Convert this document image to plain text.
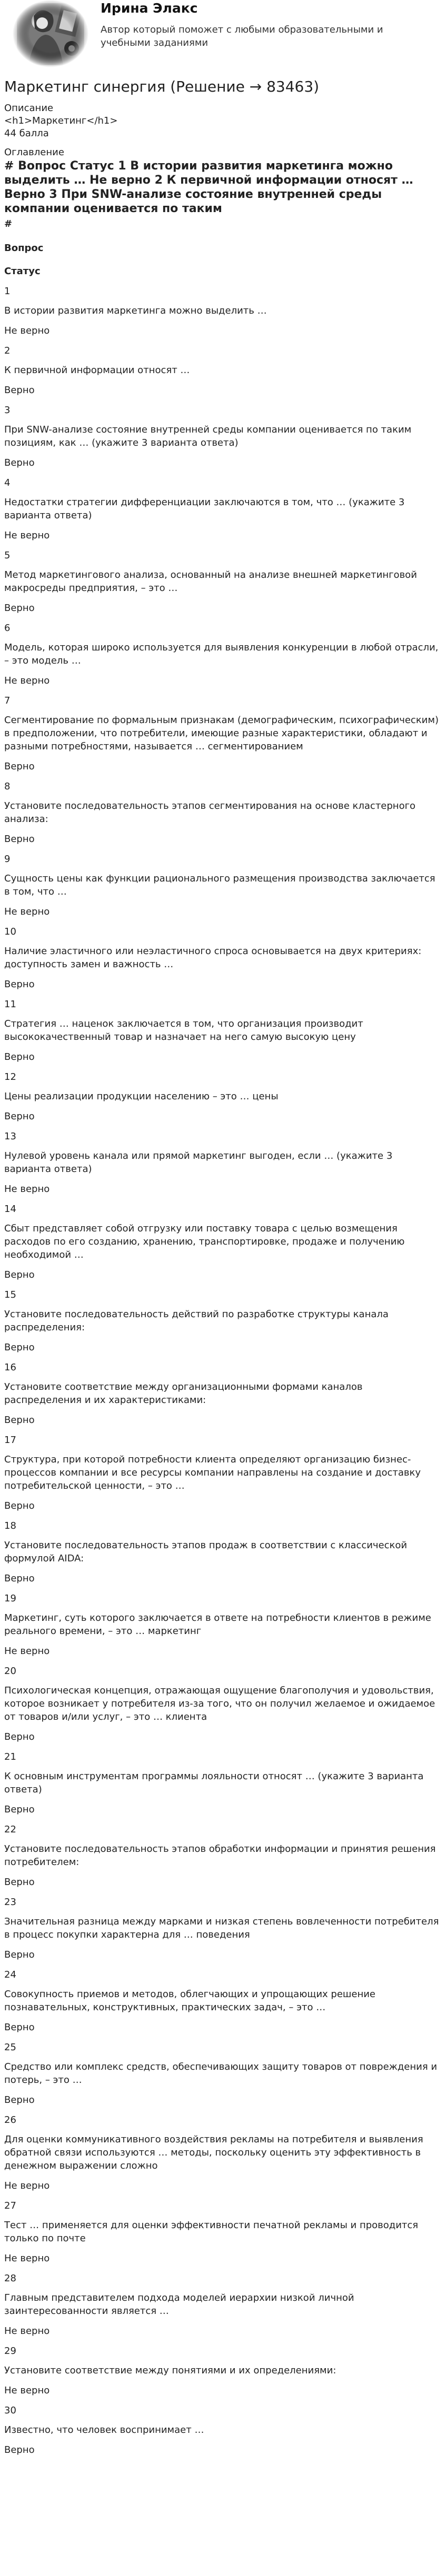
Ирина Элакс
Автор который поможет с любыми образовательными и учебными заданиями
Маркетинг синергия (Решение → 83463)
Описание
<h1>Маркетинг</h1>
44 балла
Оглавление
# Вопрос Статус 1 В истории развития маркетинга можно выделить … Не верно 2 К первичной информации относят … Верно 3 При SNW-анализе состояние внутренней среды компании оценивается по таким
#
Вопрос
Статус
1
В истории развития маркетинга можно выделить …
Не верно
2
К первичной информации относят …
Верно
3
При SNW-анализе состояние внутренней среды компании оценивается по таким позициям, как … (укажите 3 варианта ответа)
Верно
4
Недостатки стратегии дифференциации заключаются в том, что … (укажите 3 варианта ответа)
Не верно
5
Метод маркетингового анализа, основанный на анализе внешней маркетинговой макросреды предприятия, – это …
Верно
6
Модель, которая широко используется для выявления конкуренции в любой отрасли, – это модель …
Не верно
7
Сегментирование по формальным признакам (демографическим, психографическим) в предположении, что потребители, имеющие разные характеристики, обладают и разными потребностями, называется … сегментированием
Верно
8
Установите последовательность этапов сегментирования на основе кластерного анализа:
Верно
9
Сущность цены как функции рационального размещения производства заключается в том, что …
Не верно
10
Наличие эластичного или неэластичного спроса основывается на двух критериях: доступность замен и важность …
Верно
11
Стратегия … наценок заключается в том, что организация производит высококачественный товар и назначает на него самую высокую цену
Верно
12
Цены реализации продукции населению – это … цены
Верно
13
Нулевой уровень канала или прямой маркетинг выгоден, если … (укажите 3 варианта ответа)
Не верно
14
Сбыт представляет собой отгрузку или поставку товара с целью возмещения расходов по его созданию, хранению, транспортировке, продаже и получению необходимой …
Верно
15
Установите последовательность действий по разработке структуры канала распределения:
Верно
16
Установите соответствие между организационными формами каналов распределения и их характеристиками:
Верно
17
Структура, при которой потребности клиента определяют организацию бизнес-процессов компании и все ресурсы компании направлены на создание и доставку потребительской ценности, – это …
Верно
18
Установите последовательность этапов продаж в соответствии с классической формулой AIDA:
Верно
19
Маркетинг, суть которого заключается в ответе на потребности клиентов в режиме реального времени, – это … маркетинг
Не верно
20
Психологическая концепция, отражающая ощущение благополучия и удовольствия, которое возникает у потребителя из-за того, что он получил желаемое и ожидаемое от товаров и/или услуг, – это … клиента
Верно
21
К основным инструментам программы лояльности относят … (укажите 3 варианта ответа)
Верно
22
Установите последовательность этапов обработки информации и принятия решения потребителем:
Верно
23
Значительная разница между марками и низкая степень вовлеченности потребителя в процесс покупки характерна для … поведения
Верно
24
Совокупность приемов и методов, облегчающих и упрощающих решение познавательных, конструктивных, практических задач, – это …
Верно
25
Средство или комплекс средств, обеспечивающих защиту товаров от повреждения и потерь, – это …
Верно
26
Для оценки коммуникативного воздействия рекламы на потребителя и выявления обратной связи используются … методы, поскольку оценить эту эффективность в денежном выражении сложно
Не верно
27
Тест … применяется для оценки эффективности печатной рекламы и проводится только по почте
Не верно
28
Главным представителем подхода моделей иерархии низкой личной заинтересованности является …
Не верно
29
Установите соответствие между понятиями и их определениями:
Не верно
30
Известно, что человек воспринимает …
Верно
